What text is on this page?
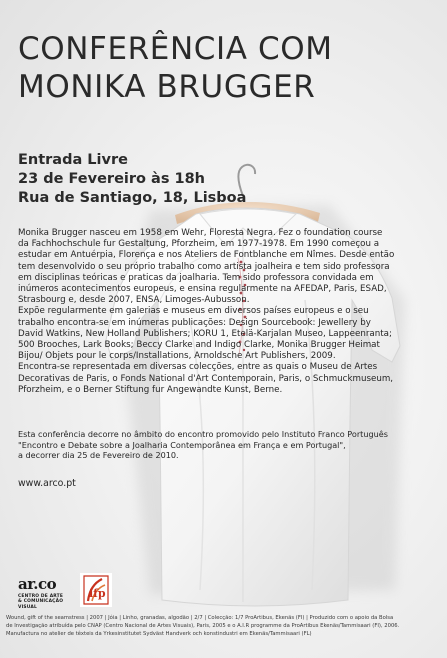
CONFERÊNCIA COM
MONIKA BRUGGER
Entrada Livre
23 de Fevereiro às 18h
Rua de Santiago, 18, Lisboa

Monika Brugger nasceu em 1958 em Wehr, Floresta Negra. Fez o foundation course

da Fachhochschule fur Gestaltung, Pforzheim, em 1977-1978. Em 1990 começou a

estudar em Antuérpia, Florença e nos Ateliers de Fontblanche em Nîmes. Desde então

tem desenvolvido o seu próprio trabalho como artista joalheira e tem sido professora

em disciplinas teóricas e praticas da joalharia. Tem sido professora convidada em

inúmeros acontecimentos europeus, e ensina regularmente na AFEDAP, Paris, ESAD,

Strasbourg e, desde 2007, ENSA, Limoges-Aubusson.

Expõe regularmente em galerias e museus em diversos países europeus e o seu

trabalho encontra-se em inúmeras publicações: Design Sourcebook: Jewellery by

David Watkins, New Holland Publishers; KORU 1, Etelä-Karjalan Museo, Lappeenranta;

500 Brooches, Lark Books; Beccy Clarke and Indigo Clarke, Monika Brugger Heimat

Bijou/ Objets pour le corps/Installations, Arnoldsche Art Publishers, 2009.

Encontra-se representada em diversas colecções, entre as quais o Museu de Artes

Decorativas de Paris, o Fonds National d'Art Contemporain, Paris, o Schmuckmuseum,

Pforzheim, e o Berner Stiftung fur Angewandte Kunst, Berne.

Esta conferência decorre no âmbito do encontro promovido pelo Instituto Franco Português

"Encontro e Debate sobre a Joalharia Contemporânea em França e em Portugal",

a decorrer dia 25 de Fevereiro de 2010.

www.arco.pt
ar.co
CENTRO DE ARTE
& COMUNICAÇÃO
VISUAL
ifp

Wound, gift of the seamstress | 2007 | Jóia | Linho, granadas, algodão | 2/7 | Colecção: 1/7 ProArtibus, Ekenäs (FI) | Produzido com o apoio da Bolsa

de Investigação atribuída pelo CNAP (Centro Nacional de Artes Visuais), Paris, 2005 e o A.I.R programme da ProArtibus Ekenäs/Tammisaari (FI), 2006.

Manufactura no atelier de têxteis da Yrkesinstitutet Sydväst Handverk och konstindustri em Ekenäs/Tammisaari (FL)
